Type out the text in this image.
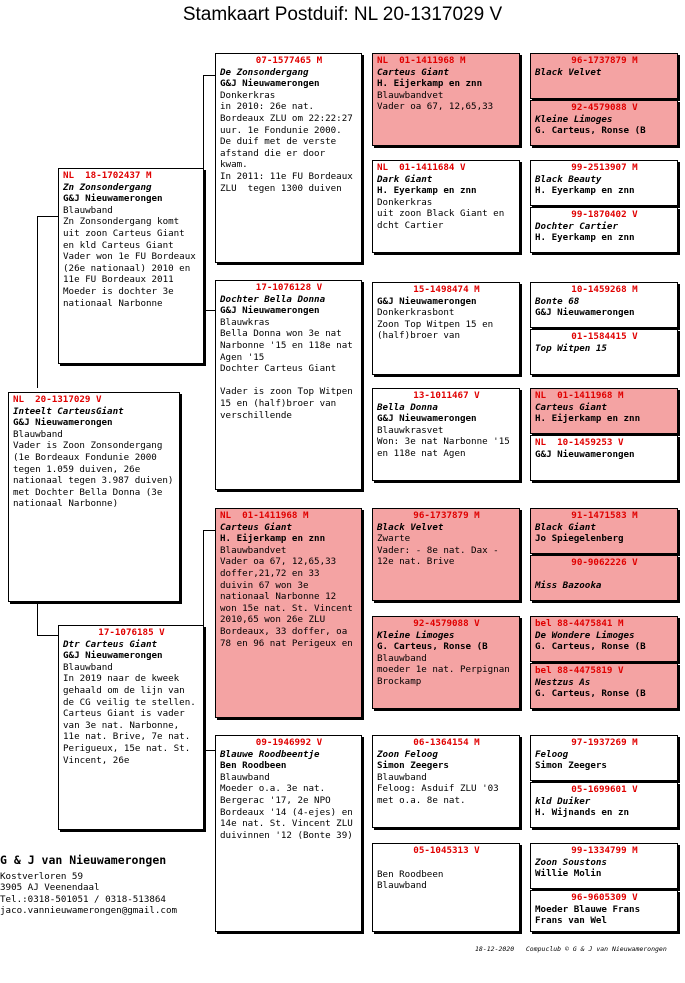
Stamkaart Postduif: NL 20-1317029 V
NL  20-1317029 V
Inteelt CarteusGiant
G&J Nieuwamerongen
Blauwband
Vader is Zoon Zonsondergang (1e Bordeaux Fondunie 2000 tegen 1.059 duiven, 26e nationaal tegen 3.987 duiven) met Dochter Bella Donna (3e nationaal Narbonne)
NL  18-1702437 M
Zn Zonsondergang
G&J Nieuwamerongen
Blauwband
Zn Zonsondergang komt uit zoon Carteus Giant en kld Carteus Giant
Vader won 1e FU Bordeaux (26e nationaal) 2010 en 11e FU Bordeaux 2011
Moeder is dochter 3e nationaal Narbonne
17-1076185 V
Dtr Carteus Giant
G&J Nieuwamerongen
Blauwband
In 2019 naar de kweek gehaald om de lijn van de CG veilig te stellen. Carteus Giant is vader van 3e nat. Narbonne, 11e nat. Brive, 7e nat. Perigueux, 15e nat. St. Vincent, 26e
07-1577465 M
De Zonsondergang
G&J Nieuwamerongen
Donkerkras
in 2010: 26e nat. Bordeaux ZLU om 22:22:27 uur. 1e Fondunie 2000. De duif met de verste afstand die er door kwam.
In 2011: 11e FU Bordeaux ZLU  tegen 1300 duiven
17-1076128 V
Dochter Bella Donna
G&J Nieuwamerongen
Blauwkras
Bella Donna won 3e nat Narbonne '15 en 118e nat Agen '15
Dochter Carteus Giant

Vader is zoon Top Witpen 15 en (half)broer van verschillende
NL  01-1411968 M
Carteus Giant
H. Eijerkamp en znn
Blauwbandvet
Vader oa 67, 12,65,33 doffer,21,72 en 33 duivin 67 won 3e nationaal Narbonne 12 won 15e nat. St. Vincent 2010,65 won 26e ZLU Bordeaux, 33 doffer, oa 78 en 96 nat Perigeux en
09-1946992 V
Blauwe Roodbeentje
Ben Roodbeen
Blauwband
Moeder o.a. 3e nat. Bergerac '17, 2e NPO Bordeaux '14 (4-ejes) en 14e nat. St. Vincent ZLU duivinnen '12 (Bonte 39)
NL  01-1411968 M
Carteus Giant
H. Eijerkamp en znn
Blauwbandvet
Vader oa 67, 12,65,33
NL  01-1411684 V
Dark Giant
H. Eyerkamp en znn
Donkerkras
uit zoon Black Giant en dcht Cartier
15-1498474 M
G&J Nieuwamerongen
Donkerkrasbont
Zoon Top Witpen 15 en (half)broer van
13-1011467 V
Bella Donna
G&J Nieuwamerongen
Blauwkrasvet
Won: 3e nat Narbonne '15 en 118e nat Agen
96-1737879 M
Black Velvet
Zwarte
Vader: - 8e nat. Dax - 12e nat. Brive
92-4579088 V
Kleine Limoges
G. Carteus, Ronse (B
Blauwband
moeder 1e nat. Perpignan Brockamp
06-1364154 M
Zoon Feloog
Simon Zeegers
Blauwband
Feloog: Asduif ZLU '03 met o.a. 8e nat.
05-1045313 V
Ben Roodbeen
Blauwband
96-1737879 M
Black Velvet
92-4579088 V
Kleine Limoges
G. Carteus, Ronse (B
99-2513907 M
Black Beauty
H. Eyerkamp en znn
99-1870402 V
Dochter Cartier
H. Eyerkamp en znn
10-1459268 M
Bonte 68
G&J Nieuwamerongen
01-1584415 V
Top Witpen 15
NL  01-1411968 M
Carteus Giant
H. Eijerkamp en znn
NL  10-1459253 V
G&J Nieuwamerongen
91-1471583 M
Black Giant
Jo Spiegelenberg
90-9062226 V
Miss Bazooka
bel 88-4475841 M
De Wondere Limoges
G. Carteus, Ronse (B
bel 88-4475819 V
Nestzus As
G. Carteus, Ronse (B
97-1937269 M
Feloog
Simon Zeegers
05-1699601 V
kld Duiker
H. Wijnands en zn
99-1334799 M
Zoon Soustons
Willie Molin
96-9605309 V
Moeder Blauwe Frans
Frans van Wel
G & J van Nieuwamerongen
Kostverloren 59
3905 AJ Veenendaal
Tel.:0318-501051 / 0318-513864
jaco.vannieuwamerongen@gmail.com
18-12-2020   Compuclub © G & J van Nieuwamerongen
